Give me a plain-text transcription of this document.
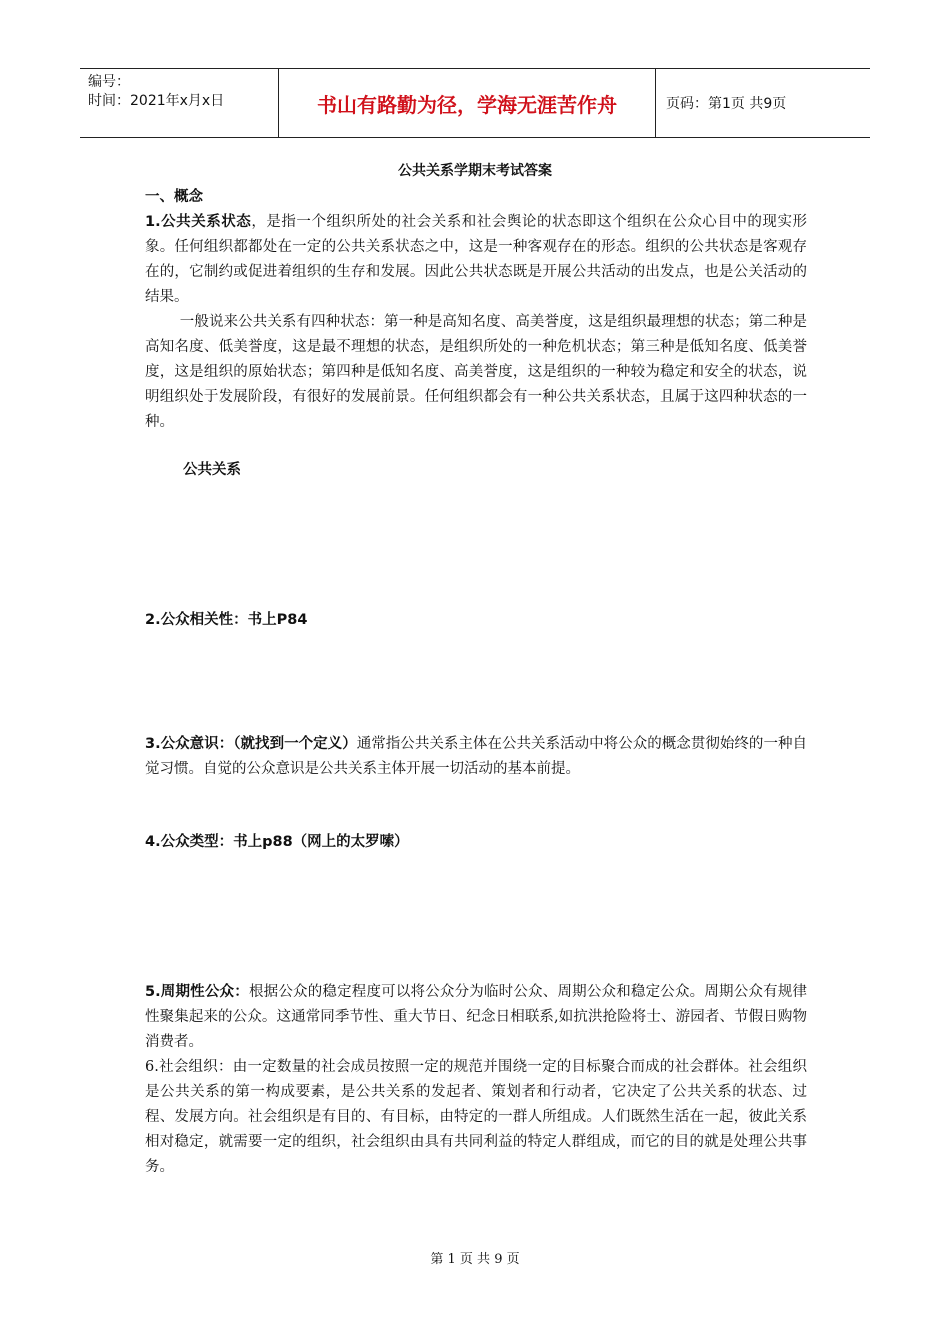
编号：
时间：2021年x月x日	书山有路勤为径，学海无涯苦作舟	页码：第1页 共9页
公共关系学期末考试答案

一、概念

1.公共关系状态，是指一个组织所处的社会关系和社会舆论的状态即这个组织在公众心目中的现实形象。任何组织都都处在一定的公共关系状态之中，这是一种客观存在的形态。组织的公共状态是客观存在的，它制约或促进着组织的生存和发展。因此公共状态既是开展公共活动的出发点，也是公关活动的结果。

一般说来公共关系有四种状态：第一种是高知名度、高美誉度，这是组织最理想的状态；第二种是高知名度、低美誉度，这是最不理想的状态，是组织所处的一种危机状态；第三种是低知名度、低美誉度，这是组织的原始状态；第四种是低知名度、高美誉度，这是组织的一种较为稳定和安全的状态，说明组织处于发展阶段，有很好的发展前景。任何组织都会有一种公共关系状态，且属于这四种状态的一种。

公共关系

2.公众相关性：书上P84

3.公众意识：（就找到一个定义）通常指公共关系主体在公共关系活动中将公众的概念贯彻始终的一种自觉习惯。自觉的公众意识是公共关系主体开展一切活动的基本前提。

4.公众类型：书上p88（网上的太罗嗦）

5.周期性公众：根据公众的稳定程度可以将公众分为临时公众、周期公众和稳定公众。周期公众有规律性聚集起来的公众。这通常同季节性、重大节日、纪念日相联系,如抗洪抢险将士、游园者、节假日购物消费者。

6.社会组织：由一定数量的社会成员按照一定的规范并围绕一定的目标聚合而成的社会群体。社会组织是公共关系的第一构成要素，是公共关系的发起者、策划者和行动者，它决定了公共关系的状态、过程、发展方向。社会组织是有目的、有目标，由特定的一群人所组成。人们既然生活在一起，彼此关系相对稳定，就需要一定的组织，社会组织由具有共同利益的特定人群组成，而它的目的就是处理公共事务。

第 1 页 共 9 页
